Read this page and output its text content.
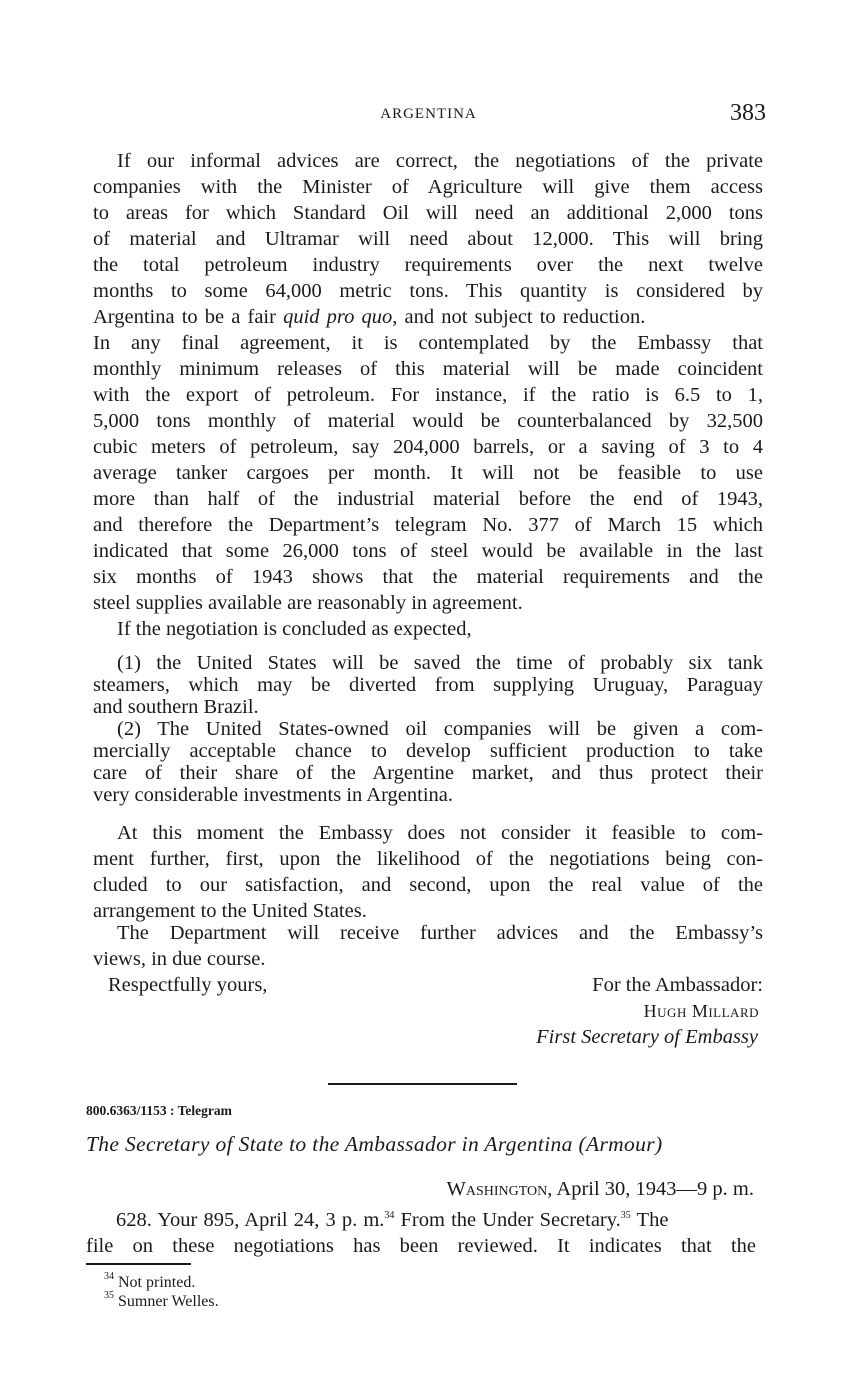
ARGENTINA	383
If our informal advices are correct, the negotiations of the private
companies with the Minister of Agriculture will give them access
to areas for which Standard Oil will need an additional 2,000 tons
of material and Ultramar will need about 12,000. This will bring
the total petroleum industry requirements over the next twelve
months to some 64,000 metric tons. This quantity is considered by
Argentina to be a fair quid pro quo, and not subject to reduction.
In any final agreement, it is contemplated by the Embassy that
monthly minimum releases of this material will be made coincident
with the export of petroleum. For instance, if the ratio is 6.5 to 1,
5,000 tons monthly of material would be counterbalanced by 32,500
cubic meters of petroleum, say 204,000 barrels, or a saving of 3 to 4
average tanker cargoes per month. It will not be feasible to use
more than half of the industrial material before the end of 1943,
and therefore the Department’s telegram No. 377 of March 15 which
indicated that some 26,000 tons of steel would be available in the last
six months of 1943 shows that the material requirements and the
steel supplies available are reasonably in agreement.
If the negotiation is concluded as expected,
(1) the United States will be saved the time of probably six tank
steamers, which may be diverted from supplying Uruguay, Paraguay
and southern Brazil.
(2) The United States-owned oil companies will be given a com-
mercially acceptable chance to develop sufficient production to take
care of their share of the Argentine market, and thus protect their
very considerable investments in Argentina.
At this moment the Embassy does not consider it feasible to com-
ment further, first, upon the likelihood of the negotiations being con-
cluded to our satisfaction, and second, upon the real value of the
arrangement to the United States.
The Department will receive further advices and the Embassy’s
views, in due course.
Respectfully yours,	For the Ambassador:
Hugh Millard
First Secretary of Embassy
800.6363/1153 : Telegram
The Secretary of State to the Ambassador in Argentina (Armour)
Washington, April 30, 1943—9 p. m.
628. Your 895, April 24, 3 p. m.$^{34}$ From the Under Secretary.$^{35}$ The
file on these negotiations has been reviewed. It indicates that the
$^{34}$ Not printed.
$^{35}$ Sumner Welles.
